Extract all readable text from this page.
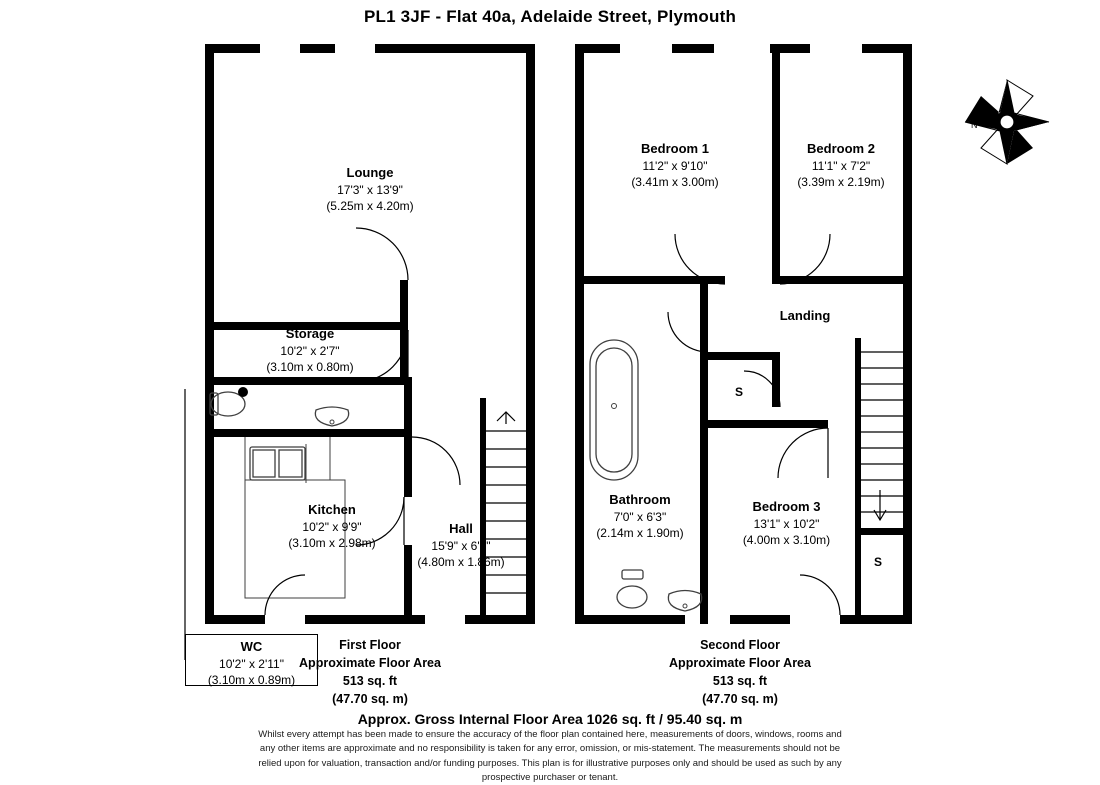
N
PL1 3JF - Flat 40a, Adelaide Street, Plymouth
Lounge
17'3" x 13'9"
(5.25m x 4.20m)
Storage
10'2" x 2'7"
(3.10m x 0.80m)
Kitchen
10'2" x 9'9"
(3.10m x 2.98m)
Hall
15'9" x 6'1"
(4.80m x 1.86m)
WC
10'2" x 2'11"
(3.10m x 0.89m)
Bedroom 1
11'2" x 9'10"
(3.41m x 3.00m)
Bedroom 2
11'1" x 7'2"
(3.39m x 2.19m)
Bedroom 3
13'1" x 10'2"
(4.00m x 3.10m)
Bathroom
7'0" x 6'3"
(2.14m x 1.90m)
Landing
S
S
First Floor
Approximate Floor Area
513 sq. ft
(47.70 sq. m)
Second Floor
Approximate Floor Area
513 sq. ft
(47.70 sq. m)
Approx. Gross Internal Floor Area 1026 sq. ft / 95.40 sq. m
Whilst every attempt has been made to ensure the accuracy of the floor plan contained here, measurements of doors, windows, rooms and any other items are approximate and no responsibility is taken for any error, omission, or mis-statement. The measurements should not be relied upon for valuation, transaction and/or funding purposes. This plan is for illustrative purposes only and should be used as such by any prospective purchaser or tenant.
